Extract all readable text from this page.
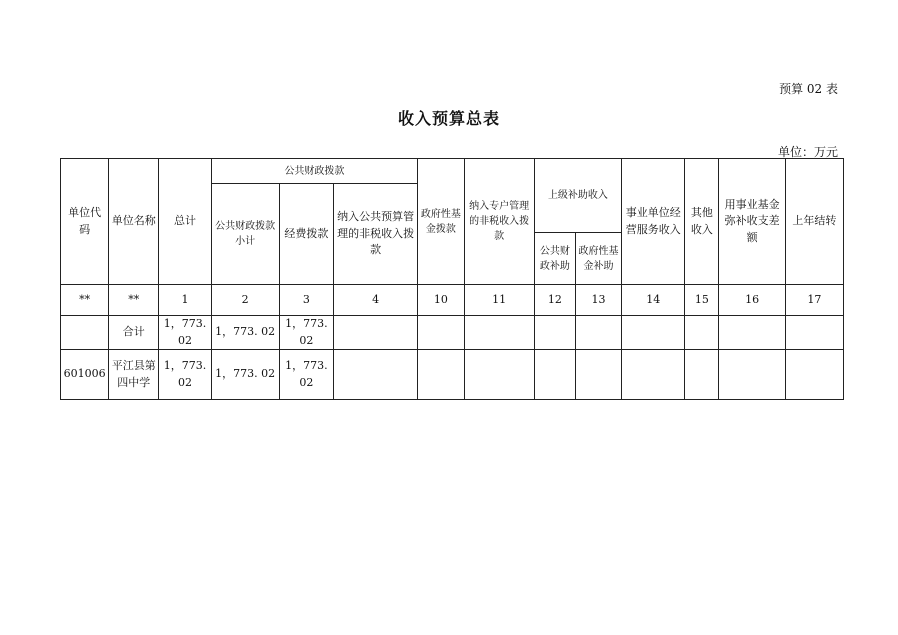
预算 02 表
收入预算总表
单位：万元
单位代码	单位名称	总计	公共财政拨款			政府性基金拨款	纳入专户管理的非税收入拨款	上级补助收入		事业单位经营服务收入	其他收入	用事业基金弥补收支差额	上年结转
			公共财政拨款小计	经费拨款	纳入公共预算管理的非税收入拨款								
								公共财政补助	政府性基金补助				
**	**	1	2	3	4	10	11	12	13	14	15	16	17
	合计	1，773. 02	1，773. 02	1，773. 02									
601006	平江县第四中学	1，773. 02	1，773. 02	1，773. 02									
